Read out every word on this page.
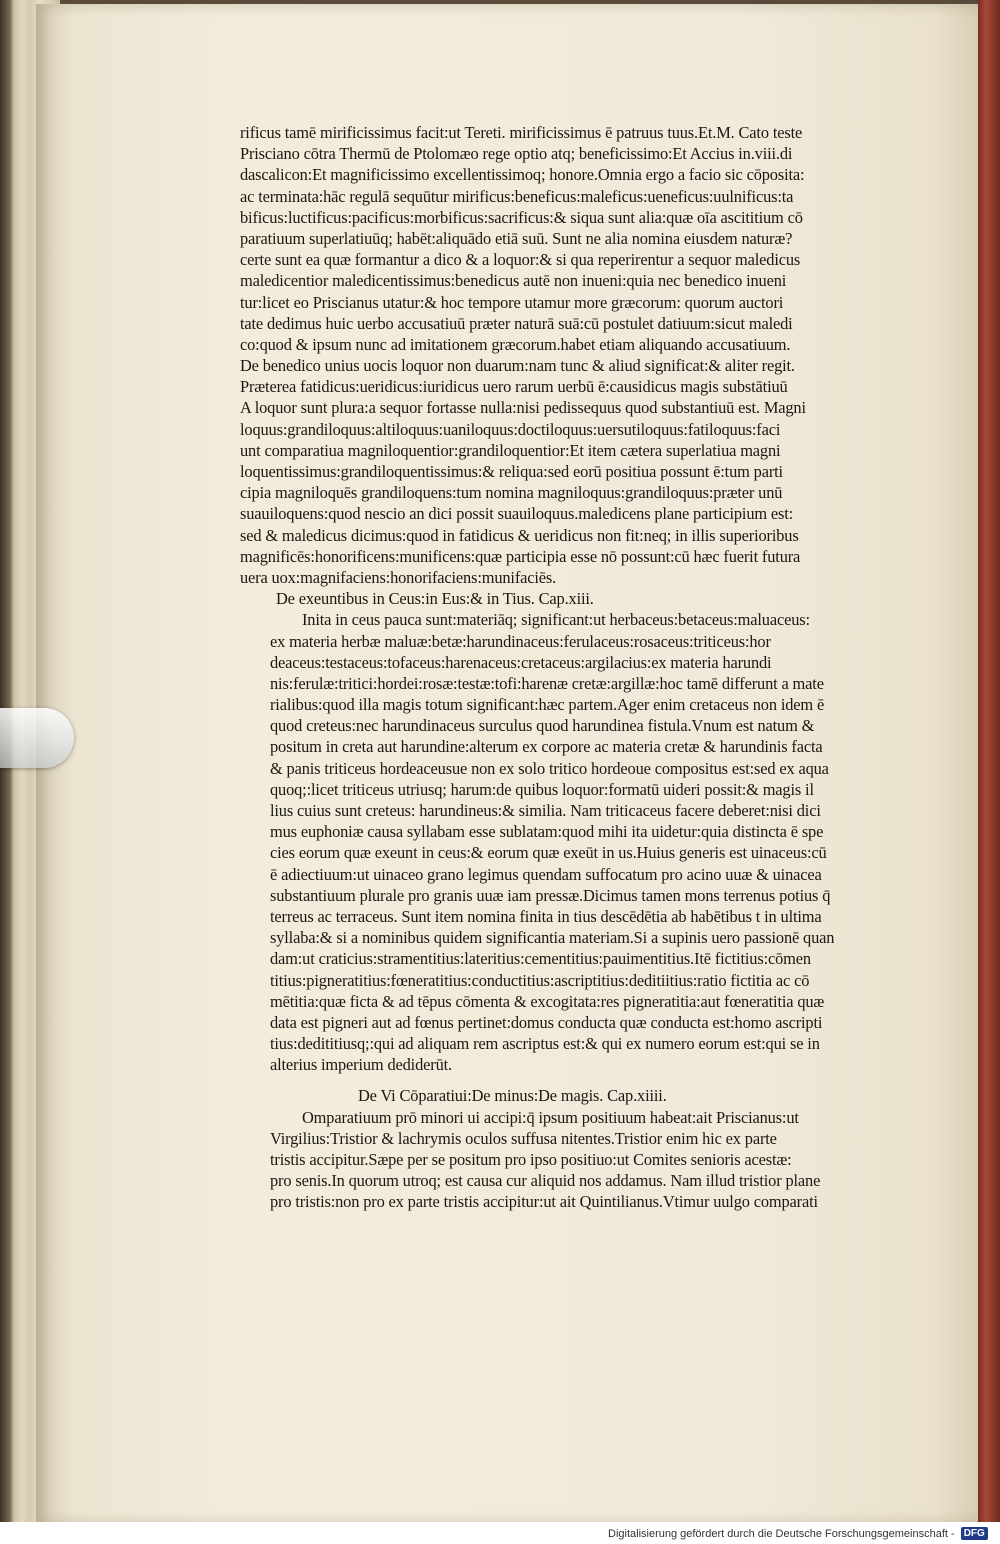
rificus tamē mirificissimus facit:ut Tereti. mirificissimus ē patruus tuus.Et.M. Cato teste
Prisciano cōtra Thermū de Ptolomæo rege optio atq; beneficissimo:Et Accius in.viii.di
dascalicon:Et magnificissimo excellentissimoq; honore.Omnia ergo a facio sic cōposita:
ac terminata:hāc regulā sequūtur mirificus:beneficus:maleficus:ueneficus:uulnificus:ta
bificus:luctificus:pacificus:morbificus:sacrificus:& siqua sunt alia:quæ oīa ascititium cō
paratiuum superlatiuūq; habēt:aliquādo etiā suū. Sunt ne alia nomina eiusdem naturæ?
certe sunt ea quæ formantur a dico & a loquor:& si qua reperirentur a sequor maledicus
maledicentior maledicentissimus:benedicus autē non inueni:quia nec benedico inueni
tur:licet eo Priscianus utatur:& hoc tempore utamur more græcorum: quorum auctori
tate dedimus huic uerbo accusatiuū præter naturā suā:cū postulet datiuum:sicut maledi
co:quod & ipsum nunc ad imitationem græcorum.habet etiam aliquando accusatiuum.
De benedico unius uocis loquor non duarum:nam tunc & aliud significat:& aliter regit.
Præterea fatidicus:ueridicus:iuridicus uero rarum uerbū ē:causidicus magis substātiuū
A loquor sunt plura:a sequor fortasse nulla:nisi pedissequus quod substantiuū est. Magni
loquus:grandiloquus:altiloquus:uaniloquus:doctiloquus:uersutiloquus:fatiloquus:faci
unt comparatiua magniloquentior:grandiloquentior:Et item cætera superlatiua magni
loquentissimus:grandiloquentissimus:& reliqua:sed eorū positiua possunt ē:tum parti
cipia magniloquēs grandiloquens:tum nomina magniloquus:grandiloquus:præter unū
suauiloquens:quod nescio an dici possit suauiloquus.maledicens plane participium est:
sed & maledicus dicimus:quod in fatidicus & ueridicus non fit:neq; in illis superioribus
magnificēs:honorificens:munificens:quæ participia esse nō possunt:cū hæc fuerit futura
uera uox:magnifaciens:honorifaciens:munifaciēs.
De exeuntibus in Ceus:in Eus:& in Tius. Cap.xiii.
Inita in ceus pauca sunt:materiāq; significant:ut herbaceus:betaceus:maluaceus:
ex materia herbæ maluæ:betæ:harundinaceus:ferulaceus:rosaceus:triticeus:hor
deaceus:testaceus:tofaceus:harenaceus:cretaceus:argilacius:ex materia harundi
nis:ferulæ:tritici:hordei:rosæ:testæ:tofi:harenæ cretæ:argillæ:hoc tamē differunt a mate
rialibus:quod illa magis totum significant:hæc partem.Ager enim cretaceus non idem ē
quod creteus:nec harundinaceus surculus quod harundinea fistula.Vnum est natum &
positum in creta aut harundine:alterum ex corpore ac materia cretæ & harundinis facta
& panis triticeus hordeaceusue non ex solo tritico hordeoue compositus est:sed ex aqua
quoq;:licet triticeus utriusq; harum:de quibus loquor:formatū uideri possit:& magis il
lius cuius sunt creteus: harundineus:& similia. Nam triticaceus facere deberet:nisi dici
mus euphoniæ causa syllabam esse sublatam:quod mihi ita uidetur:quia distincta ē spe
cies eorum quæ exeunt in ceus:& eorum quæ exeūt in us.Huius generis est uinaceus:cū
ē adiectiuum:ut uinaceo grano legimus quendam suffocatum pro acino uuæ & uinacea
substantiuum plurale pro granis uuæ iam pressæ.Dicimus tamen mons terrenus potius q̄
terreus ac terraceus. Sunt item nomina finita in tius descēdētia ab habētibus t in ultima
syllaba:& si a nominibus quidem significantia materiam.Si a supinis uero passionē quan
dam:ut craticius:stramentitius:lateritius:cementitius:pauimentitius.Itē fictitius:cōmen
titius:pigneratitius:fœneratitius:conductitius:ascriptitius:deditiitius:ratio fictitia ac cō
mētitia:quæ ficta & ad tēpus cōmenta & excogitata:res pigneratitia:aut fœneratitia quæ
data est pigneri aut ad fœnus pertinet:domus conducta quæ conducta est:homo ascripti
tius:dedititiusq;:qui ad aliquam rem ascriptus est:& qui ex numero eorum est:qui se in
alterius imperium dediderūt.
De Vi Cōparatiui:De minus:De magis. Cap.xiiii.
Omparatiuum prō minori ui accipi:q̄ ipsum positiuum habeat:ait Priscianus:ut
Virgilius:Tristior & lachrymis oculos suffusa nitentes.Tristior enim hic ex parte
tristis accipitur.Sæpe per se positum pro ipso positiuo:ut Comites senioris acestæ:
pro senis.In quorum utroq; est causa cur aliquid nos addamus. Nam illud tristior plane
pro tristis:non pro ex parte tristis accipitur:ut ait Quintilianus.Vtimur uulgo comparati
Digitalisierung gefördert durch die Deutsche Forschungsgemeinschaft - DFG
